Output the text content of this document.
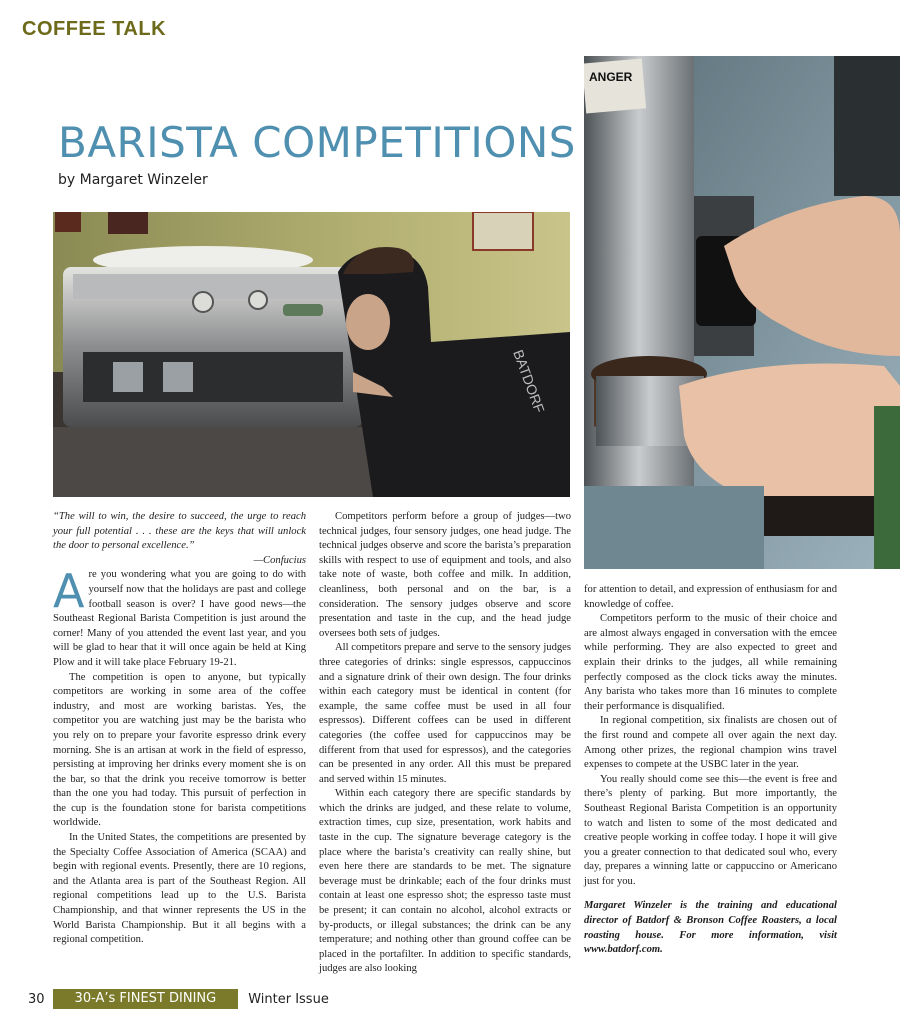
COFFEE TALK
BARISTA COMPETITIONS
by Margaret Winzeler
BATDORF
ANGER

“The will to win, the desire to succeed, the urge to reach your full potential . . . these are the keys that will unlock the door to personal excellence.”

—Confucius

Are you wondering what you are going to do with yourself now that the holidays are past and college football season is over? I have good news—the Southeast Regional Barista Competition is just around the corner! Many of you attended the event last year, and you will be glad to hear that it will once again be held at King Plow and it will take place February 19-21.

The competition is open to anyone, but typically competitors are working in some area of the coffee industry, and most are working baristas. Yes, the competitor you are watching just may be the barista who you rely on to prepare your favorite espresso drink every morning. She is an artisan at work in the field of espresso, persisting at improving her drinks every moment she is on the bar, so that the drink you receive tomorrow is better than the one you had today. This pursuit of perfection in the cup is the foundation stone for barista competitions worldwide.

In the United States, the competitions are presented by the Specialty Coffee Association of America (SCAA) and begin with regional events. Presently, there are 10 regions, and the Atlanta area is part of the Southeast Region. All regional competitions lead up to the U.S. Barista Championship, and that winner represents the US in the World Barista Championship. But it all begins with a regional competition.

Competitors perform before a group of judges—two technical judges, four sensory judges, one head judge. The technical judges observe and score the barista’s preparation skills with respect to use of equipment and tools, and also take note of waste, both coffee and milk. In addition, cleanliness, both personal and on the bar, is a consideration. The sensory judges observe and score presentation and taste in the cup, and the head judge oversees both sets of judges.

All competitors prepare and serve to the sensory judges three categories of drinks: single espressos, cappuccinos and a signature drink of their own design. The four drinks within each category must be identical in content (for example, the same coffee must be used in all four espressos). Different coffees can be used in different categories (the coffee used for cappuccinos may be different from that used for espressos), and the categories can be presented in any order. All this must be prepared and served within 15 minutes.

Within each category there are specific standards by which the drinks are judged, and these relate to volume, extraction times, cup size, presentation, work habits and taste in the cup. The signature beverage category is the place where the barista’s creativity can really shine, but even here there are standards to be met. The signature beverage must be drinkable; each of the four drinks must contain at least one espresso shot; the espresso taste must be present; it can contain no alcohol, alcohol extracts or by-products, or illegal substances; the drink can be any temperature; and nothing other than ground coffee can be placed in the portafilter. In addition to specific standards, judges are also looking

for attention to detail, and expression of enthusiasm for and knowledge of coffee.

Competitors perform to the music of their choice and are almost always engaged in conversation with the emcee while performing. They are also expected to greet and explain their drinks to the judges, all while remaining perfectly composed as the clock ticks away the minutes. Any barista who takes more than 16 minutes to complete their performance is disqualified.

In regional competition, six finalists are chosen out of the first round and compete all over again the next day. Among other prizes, the regional champion wins travel expenses to compete at the USBC later in the year.

You really should come see this—the event is free and there’s plenty of parking. But more importantly, the Southeast Regional Barista Competition is an opportunity to watch and listen to some of the most dedicated and creative people working in coffee today. I hope it will give you a greater connection to that dedicated soul who, every day, prepares a winning latte or cappuccino or Americano just for you.

Margaret Winzeler is the training and educational director of Batdorf & Bronson Coffee Roasters, a local roasting house. For more information, visit www.batdorf.com.

30	30-A’s FINEST DINING	Winter Issue
